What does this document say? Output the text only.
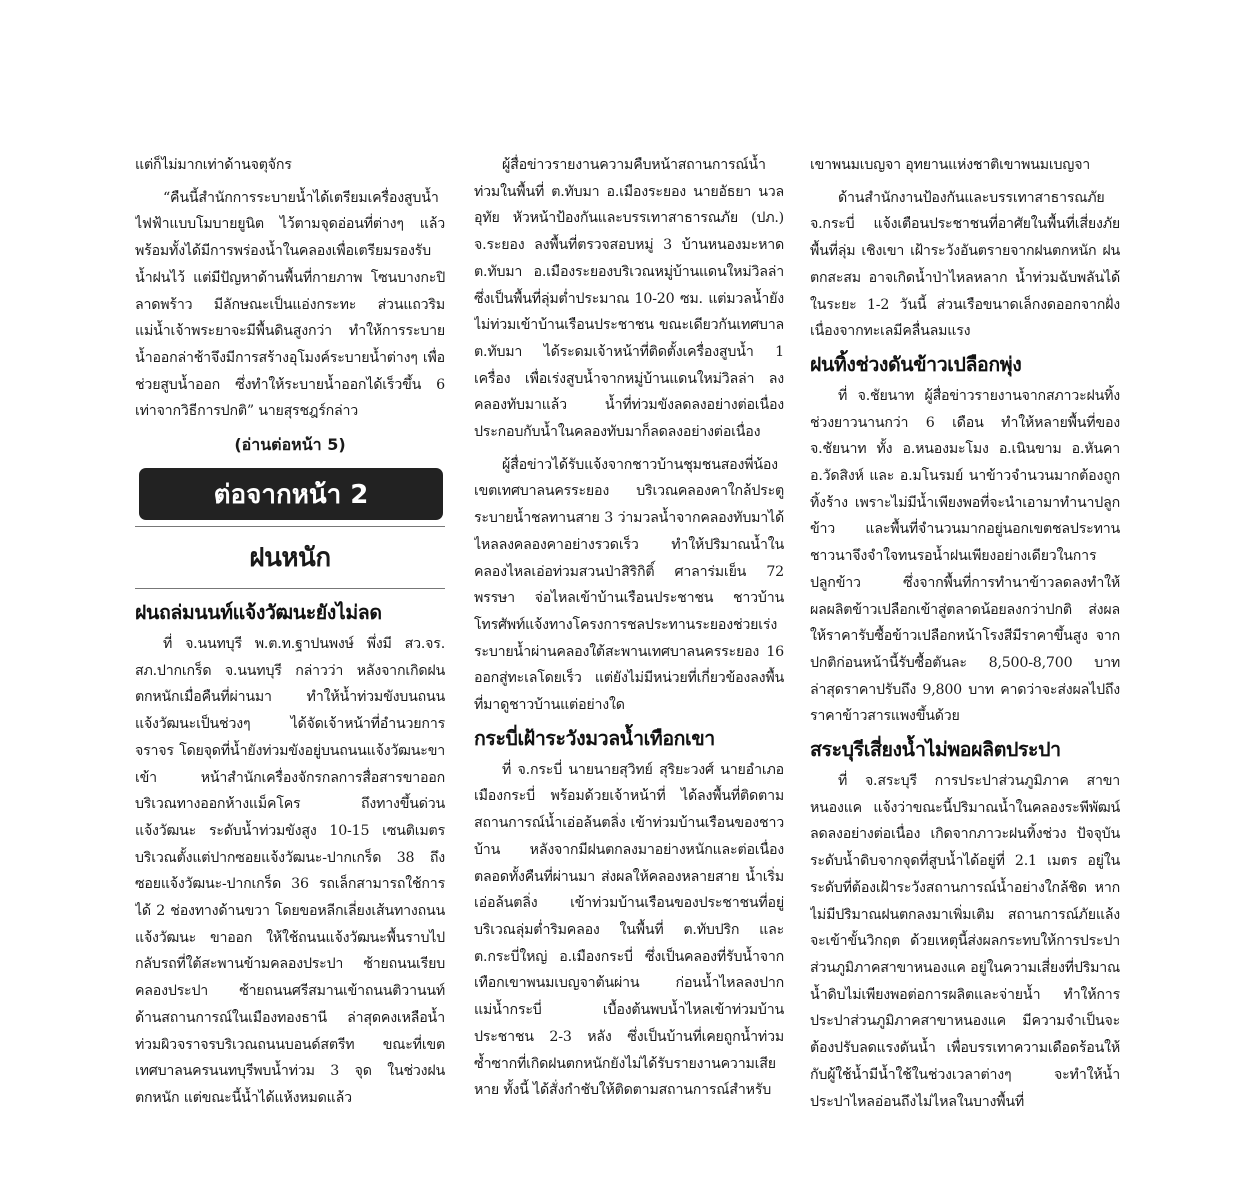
แต่ก็ไม่มากเท่าด้านจตุจักร

“คืนนี้สำนักการระบายน้ำได้เตรียมเครื่องสูบน้ำไฟฟ้าแบบโมบายยูนิต ไว้ตามจุดอ่อนที่ต่างๆ แล้ว พร้อมทั้งได้มีการพร่องน้ำในคลองเพื่อเตรียมรองรับน้ำฝนไว้ แต่มีปัญหาด้านพื้นที่กายภาพ โซนบางกะปิ ลาดพร้าว มีลักษณะเป็นแอ่งกระทะ ส่วนแถวริมแม่น้ำเจ้าพระยาจะมีพื้นดินสูงกว่า ทำให้การระบายน้ำออกล่าช้าจึงมีการสร้างอุโมงค์ระบายน้ำต่างๆ เพื่อช่วยสูบน้ำออก ซึ่งทำให้ระบายน้ำออกได้เร็วขึ้น 6 เท่าจากวิธีการปกติ” นายสุรชฎร์กล่าว

(อ่านต่อหน้า 5)
ต่อจากหน้า 2
ฝนหนัก
ฝนถล่มนนท์แจ้งวัฒนะยังไม่ลด

ที่ จ.นนทบุรี พ.ต.ท.ฐาปนพงษ์ พึ่งมี สว.จร. สภ.ปากเกร็ด จ.นนทบุรี กล่าวว่า หลังจากเกิดฝนตกหนักเมื่อคืนที่ผ่านมา ทำให้น้ำท่วมขังบนถนนแจ้งวัฒนะเป็นช่วงๆ ได้จัดเจ้าหน้าที่อำนวยการจราจร โดยจุดที่น้ำยังท่วมขังอยู่บนถนนแจ้งวัฒนะขาเข้า หน้าสำนักเครื่องจักรกลการสื่อสารขาออก บริเวณทางออกห้างแม็คโคร ถึงทางขึ้นด่วนแจ้งวัฒนะ ระดับน้ำท่วมขังสูง 10-15 เซนติเมตร บริเวณตั้งแต่ปากซอยแจ้งวัฒนะ-ปากเกร็ด 38 ถึงซอยแจ้งวัฒนะ-ปากเกร็ด 36 รถเล็กสามารถใช้การได้ 2 ช่องทางด้านขวา โดยขอหลีกเลี่ยงเส้นทางถนนแจ้งวัฒนะ ขาออก ให้ใช้ถนนแจ้งวัฒนะพื้นราบไปกลับรถที่ใต้สะพานข้ามคลองประปา ซ้ายถนนเรียบคลองประปา ซ้ายถนนศรีสมานเข้าถนนติวานนท์ ด้านสถานการณ์ในเมืองทองธานี ล่าสุดคงเหลือน้ำท่วมผิวจราจรบริเวณถนนบอนด์สตรีท ขณะที่เขตเทศบาลนครนนทบุรีพบน้ำท่วม 3 จุด ในช่วงฝนตกหนัก แต่ขณะนี้น้ำได้แห้งหมดแล้ว

ผู้สื่อข่าวรายงานความคืบหน้าสถานการณ์น้ำท่วมในพื้นที่ ต.ทับมา อ.เมืองระยอง นายอัธยา นวลอุทัย หัวหน้าป้องกันและบรรเทาสาธารณภัย (ปภ.) จ.ระยอง ลงพื้นที่ตรวจสอบหมู่ 3 บ้านหนองมะหาด ต.ทับมา อ.เมืองระยองบริเวณหมู่บ้านแดนใหม่วิลล่า ซึ่งเป็นพื้นที่ลุ่มต่ำประมาณ 10-20 ซม. แต่มวลน้ำยังไม่ท่วมเข้าบ้านเรือนประชาชน ขณะเดียวกันเทศบาล ต.ทับมา ได้ระดมเจ้าหน้าที่ติดตั้งเครื่องสูบน้ำ 1 เครื่อง เพื่อเร่งสูบน้ำจากหมู่บ้านแดนใหม่วิลล่า ลงคลองทับมาแล้ว น้ำที่ท่วมขังลดลงอย่างต่อเนื่อง ประกอบกับน้ำในคลองทับมาก็ลดลงอย่างต่อเนื่อง

ผู้สื่อข่าวได้รับแจ้งจากชาวบ้านชุมชนสองพี่น้อง เขตเทศบาลนครระยอง บริเวณคลองคาใกล้ประตูระบายน้ำชลทานสาย 3 ว่ามวลน้ำจากคลองทับมาได้ไหลลงคลองคาอย่างรวดเร็ว ทำให้ปริมาณน้ำในคลองไหลเอ่อท่วมสวนป่าสิริกิติ์ ศาลาร่มเย็น 72 พรรษา จ่อไหลเข้าบ้านเรือนประชาชน ชาวบ้านโทรศัพท์แจ้งทางโครงการชลประทานระยองช่วยเร่งระบายน้ำผ่านคลองใต้สะพานเทศบาลนครระยอง 16 ออกสู่ทะเลโดยเร็ว แต่ยังไม่มีหน่วยที่เกี่ยวข้องลงพื้นที่มาดูชาวบ้านแต่อย่างใด

กระบี่เฝ้าระวังมวลน้ำเทือกเขา

ที่ จ.กระบี่ นายนายสุวิทย์ สุริยะวงศ์ นายอำเภอเมืองกระบี่ พร้อมด้วยเจ้าหน้าที่ ได้ลงพื้นที่ติดตามสถานการณ์น้ำเอ่อล้นตลิ่ง เข้าท่วมบ้านเรือนของชาวบ้าน หลังจากมีฝนตกลงมาอย่างหนักและต่อเนื่องตลอดทั้งคืนที่ผ่านมา ส่งผลให้คลองหลายสาย น้ำเริ่มเอ่อล้นตลิ่ง เข้าท่วมบ้านเรือนของประชาชนที่อยู่บริเวณลุ่มต่ำริมคลอง ในพื้นที่ ต.ทับปริก และ ต.กระบี่ใหญ่ อ.เมืองกระบี่ ซึ่งเป็นคลองที่รับน้ำจากเทือกเขาพนมเบญจาต้นผ่าน ก่อนน้ำไหลลงปากแม่น้ำกระบี่ เบื้องต้นพบน้ำไหลเข้าท่วมบ้านประชาชน 2-3 หลัง ซึ่งเป็นบ้านที่เคยถูกน้ำท่วมซ้ำซากที่เกิดฝนตกหนักยังไม่ได้รับรายงานความเสียหาย ทั้งนี้ ได้สั่งกำชับให้ติดตามสถานการณ์สำหรับ

เขาพนมเบญจา อุทยานแห่งชาติเขาพนมเบญจา

ด้านสำนักงานป้องกันและบรรเทาสาธารณภัย จ.กระบี่ แจ้งเตือนประชาชนที่อาศัยในพื้นที่เสี่ยงภัย พื้นที่ลุ่ม เชิงเขา เฝ้าระวังอันตรายจากฝนตกหนัก ฝนตกสะสม อาจเกิดน้ำป่าไหลหลาก น้ำท่วมฉับพลันได้ ในระยะ 1-2 วันนี้ ส่วนเรือขนาดเล็กงดออกจากฝั่งเนื่องจากทะเลมีคลื่นลมแรง

ฝนทิ้งช่วงดันข้าวเปลือกพุ่ง

ที่ จ.ชัยนาท ผู้สื่อข่าวรายงานจากสภาวะฝนทิ้งช่วงยาวนานกว่า 6 เดือน ทำให้หลายพื้นที่ของ จ.ชัยนาท ทั้ง อ.หนองมะโมง อ.เนินขาม อ.หันคา อ.วัดสิงห์ และ อ.มโนรมย์ นาข้าวจำนวนมากต้องถูกทิ้งร้าง เพราะไม่มีน้ำเพียงพอที่จะนำเอามาทำนาปลูกข้าว และพื้นที่จำนวนมากอยู่นอกเขตชลประทาน ชาวนาจึงจำใจทนรอน้ำฝนเพียงอย่างเดียวในการปลูกข้าว ซึ่งจากพื้นที่การทำนาข้าวลดลงทำให้ผลผลิตข้าวเปลือกเข้าสู่ตลาดน้อยลงกว่าปกติ ส่งผลให้ราคารับซื้อข้าวเปลือกหน้าโรงสีมีราคาขึ้นสูง จากปกติก่อนหน้านี้รับซื้อตันละ 8,500-8,700 บาท ล่าสุดราคาปรับถึง 9,800 บาท คาดว่าจะส่งผลไปถึงราคาข้าวสารแพงขึ้นด้วย

สระบุรีเสี่ยงน้ำไม่พอผลิตประปา

ที่ จ.สระบุรี การประปาส่วนภูมิภาค สาขาหนองแค แจ้งว่าขณะนี้ปริมาณน้ำในคลองระพีพัฒน์ลดลงอย่างต่อเนื่อง เกิดจากภาวะฝนทิ้งช่วง ปัจจุบันระดับน้ำดิบจากจุดที่สูบน้ำได้อยู่ที่ 2.1 เมตร อยู่ในระดับที่ต้องเฝ้าระวังสถานการณ์น้ำอย่างใกล้ชิด หากไม่มีปริมาณฝนตกลงมาเพิ่มเติม สถานการณ์ภัยแล้งจะเข้าขั้นวิกฤต ด้วยเหตุนี้ส่งผลกระทบให้การประปาส่วนภูมิภาคสาขาหนองแค อยู่ในความเสี่ยงที่ปริมาณน้ำดิบไม่เพียงพอต่อการผลิตและจ่ายน้ำ ทำให้การประปาส่วนภูมิภาคสาขาหนองแค มีความจำเป็นจะต้องปรับลดแรงดันน้ำ เพื่อบรรเทาความเดือดร้อนให้กับผู้ใช้น้ำมีน้ำใช้ในช่วงเวลาต่างๆ จะทำให้น้ำประปาไหลอ่อนถึงไม่ไหลในบางพื้นที่
